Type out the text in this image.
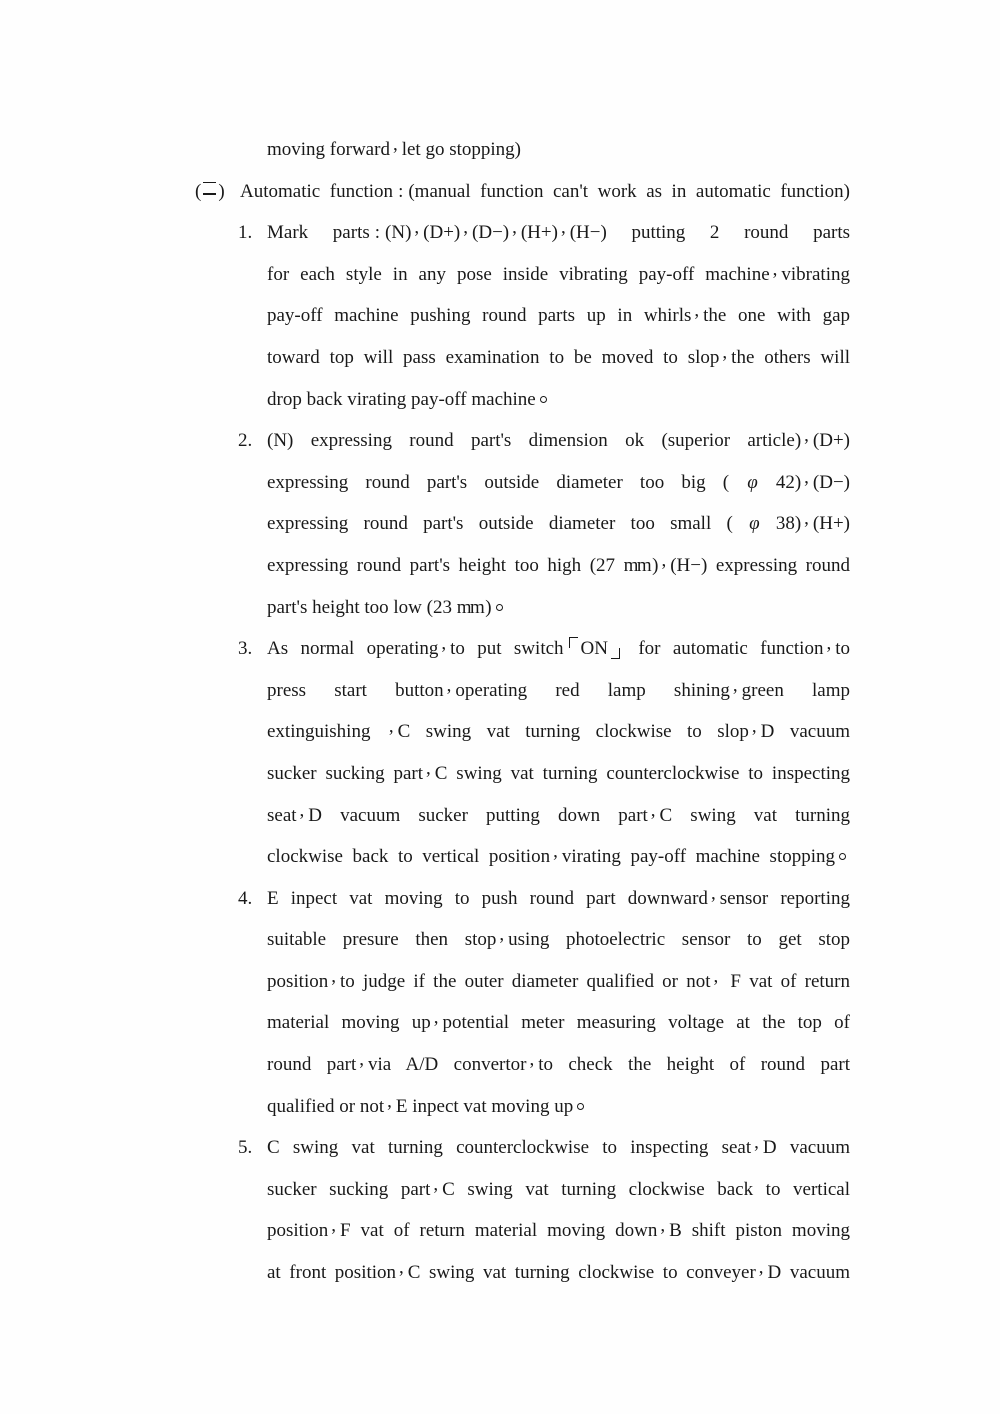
moving forward , let go stopping)
( ) Automatic function : (manual function can't work as in automatic function)
1. Mark parts : (N) , (D+) , (D−) , (H+) , (H−) putting 2 round parts
for each style in any pose inside vibrating pay-off machine , vibrating
pay-off machine pushing round parts up in whirls , the one with gap
toward top will pass examination to be moved to slop , the others will
drop back virating pay-off machine
2. (N) expressing round part's dimension ok (superior article) , (D+)
expressing round part's outside diameter too big ( φ 42) , (D−)
expressing round part's outside diameter too small ( φ 38) , (H+)
expressing round part's height too high (27 mm ) , (H−) expressing round
part's height too low (23 mm )
3. As normal operating , to put switch ON for automatic function , to
press start button , operating red lamp shining , green lamp
extinguishing , C swing vat turning clockwise to slop , D vacuum
sucker sucking part , C swing vat turning counterclockwise to inspecting
seat , D vacuum sucker putting down part , C swing vat turning
clockwise back to vertical position , virating pay-off machine stopping
4. E inpect vat moving to push round part downward , sensor reporting
suitable presure then stop , using photoelectric sensor to get stop
position , to judge if the outer diameter qualified or not , F vat of return
material moving up , potential meter measuring voltage at the top of
round part , via A/D convertor , to check the height of round part
qualified or not , E inpect vat moving up
5. C swing vat turning counterclockwise to inspecting seat , D vacuum
sucker sucking part , C swing vat turning clockwise back to vertical
position , F vat of return material moving down , B shift piston moving
at front position , C swing vat turning clockwise to conveyer , D vacuum
